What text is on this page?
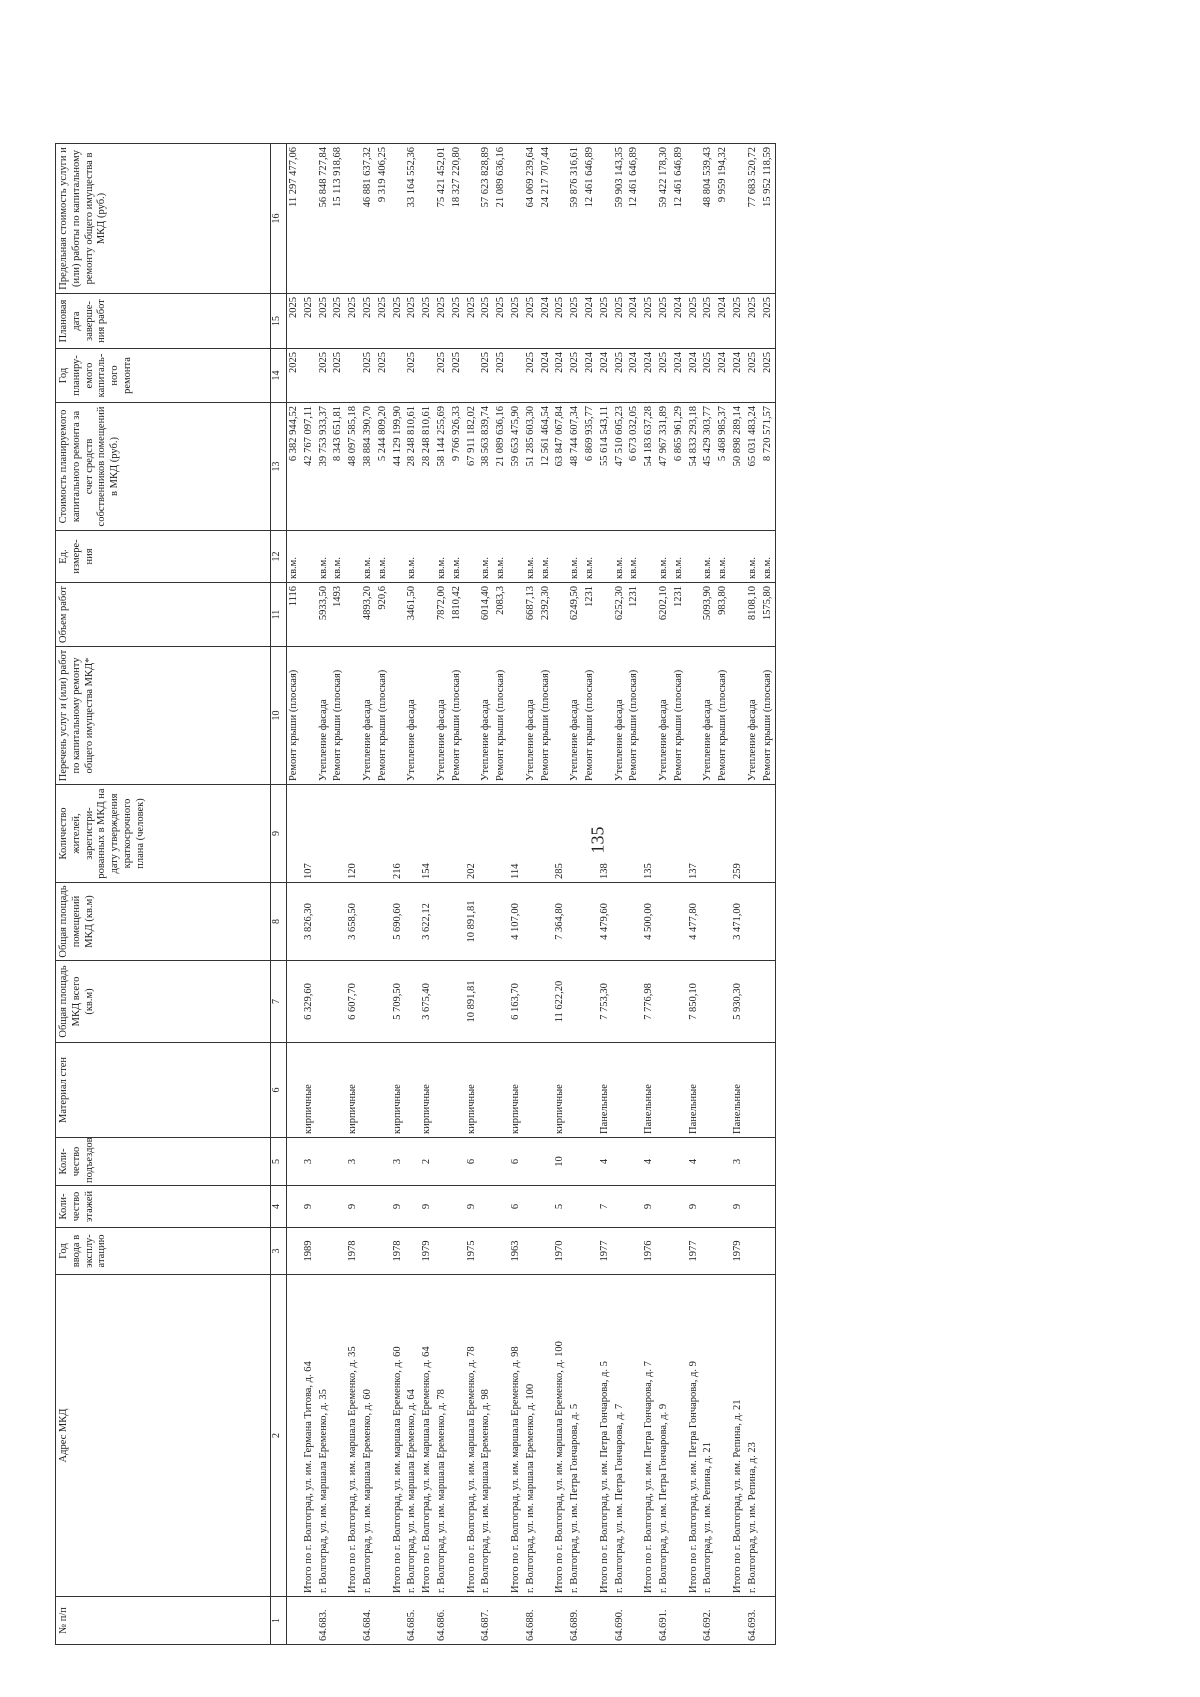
135
№ п/п	Адрес МКД	Год ввода в эксплу-атацию	Коли-чество этажей	Коли-чество подъездов	Материал стен	Общая площадь МКД всего (кв.м)	Общая площадь помещений МКД (кв.м)	Количество жителей, зарегистри-рованных в МКД на дату утверждения краткосрочного плана (человек)	Перечень услуг и (или) работ по капитальному ремонту общего имущества МКД*	Объем работ	Ед. измере-ния	Стоимость планируемого капитального ремонта за счет средств собственников помещений в МКД (руб.)	Год планиру-емого капиталь-ного ремонта	Плановая дата заверше-ния работ	Предельная стоимость услуги и (или) работы по капитальному ремонту общего имущества в МКД (руб.)
1	2	3	4	5	6	7	8	9	10	11	12	13	14	15	16
									Ремонт крыши (плоская)	1116	кв.м.	6 382 944,52	2025	2025	11 297 477,06
	Итого по г. Волгоград, ул. им. Германа Титова, д. 64	1989	9	3	кирпичные	6 329,60	3 826,30	107				42 767 097,11		2025	
64.683.	г. Волгоград, ул. им. маршала Еременко, д. 35								Утепление фасада	5933,50	кв.м.	39 753 933,37	2025	2025	56 848 727,84
									Ремонт крыши (плоская)	1493	кв.м.	8 343 651,81	2025	2025	15 113 918,68
	Итого по г. Волгоград, ул. им. маршала Еременко, д. 35	1978	9	3	кирпичные	6 607,70	3 658,50	120				48 097 585,18		2025	
64.684.	г. Волгоград, ул. им. маршала Еременко, д. 60								Утепление фасада	4893,20	кв.м.	38 884 390,70	2025	2025	46 881 637,32
									Ремонт крыши (плоская)	920,6	кв.м.	5 244 809,20	2025	2025	9 319 406,25
	Итого по г. Волгоград, ул. им. маршала Еременко, д. 60	1978	9	3	кирпичные	5 709,50	5 690,60	216				44 129 199,90		2025	
64.685.	г. Волгоград, ул. им. маршала Еременко, д. 64								Утепление фасада	3461,50	кв.м.	28 248 810,61	2025	2025	33 164 552,36
	Итого по г. Волгоград, ул. им. маршала Еременко, д. 64	1979	9	2	кирпичные	3 675,40	3 622,12	154				28 248 810,61		2025	
64.686.	г. Волгоград, ул. им. маршала Еременко, д. 78								Утепление фасада	7872,00	кв.м.	58 144 255,69	2025	2025	75 421 452,01
									Ремонт крыши (плоская)	1810,42	кв.м.	9 766 926,33	2025	2025	18 327 220,80
	Итого по г. Волгоград, ул. им. маршала Еременко, д. 78	1975	9	6	кирпичные	10 891,81	10 891,81	202				67 911 182,02		2025	
64.687.	г. Волгоград, ул. им. маршала Еременко, д. 98								Утепление фасада	6014,40	кв.м.	38 563 839,74	2025	2025	57 623 828,89
									Ремонт крыши (плоская)	2083,3	кв.м.	21 089 636,16	2025	2025	21 089 636,16
	Итого по г. Волгоград, ул. им. маршала Еременко, д. 98	1963	6	6	кирпичные	6 163,70	4 107,00	114				59 653 475,90		2025	
64.688.	г. Волгоград, ул. им. маршала Еременко, д. 100								Утепление фасада	6687,13	кв.м.	51 285 603,30	2025	2025	64 069 239,64
									Ремонт крыши (плоская)	2392,30	кв.м.	12 561 464,54	2024	2024	24 217 707,44
	Итого по г. Волгоград, ул. им. маршала Еременко, д. 100	1970	5	10	кирпичные	11 622,20	7 364,80	285				63 847 067,84	2024	2025	
64.689.	г. Волгоград, ул. им. Петра Гончарова, д. 5								Утепление фасада	6249,50	кв.м.	48 744 607,34	2025	2025	59 876 316,61
									Ремонт крыши (плоская)	1231	кв.м.	6 869 935,77	2024	2024	12 461 646,89
	Итого по г. Волгоград, ул. им. Петра Гончарова, д. 5	1977	7	4	Панельные	7 753,30	4 479,60	138				55 614 543,11	2024	2025	
64.690.	г. Волгоград, ул. им. Петра Гончарова, д. 7								Утепление фасада	6252,30	кв.м.	47 510 605,23	2025	2025	59 903 143,35
									Ремонт крыши (плоская)	1231	кв.м.	6 673 032,05	2024	2024	12 461 646,89
	Итого по г. Волгоград, ул. им. Петра Гончарова, д. 7	1976	9	4	Панельные	7 776,98	4 500,00	135				54 183 637,28	2024	2025	
64.691.	г. Волгоград, ул. им. Петра Гончарова, д. 9								Утепление фасада	6202,10	кв.м.	47 967 331,89	2025	2025	59 422 178,30
									Ремонт крыши (плоская)	1231	кв.м.	6 865 961,29	2024	2024	12 461 646,89
	Итого по г. Волгоград, ул. им. Петра Гончарова, д. 9	1977	9	4	Панельные	7 850,10	4 477,80	137				54 833 293,18	2024	2025	
64.692.	г. Волгоград, ул. им. Репина, д. 21								Утепление фасада	5093,90	кв.м.	45 429 303,77	2025	2025	48 804 539,43
									Ремонт крыши (плоская)	983,80	кв.м.	5 468 985,37	2024	2024	9 959 194,32
	Итого по г. Волгоград, ул. им. Репина, д. 21	1979	9	3	Панельные	5 930,30	3 471,00	259				50 898 289,14	2024	2025	
64.693.	г. Волгоград, ул. им. Репина, д. 23								Утепление фасада	8108,10	кв.м.	65 031 483,24	2025	2025	77 683 520,72
									Ремонт крыши (плоская)	1575,80	кв.м.	8 720 571,57	2025	2025	15 952 118,59
